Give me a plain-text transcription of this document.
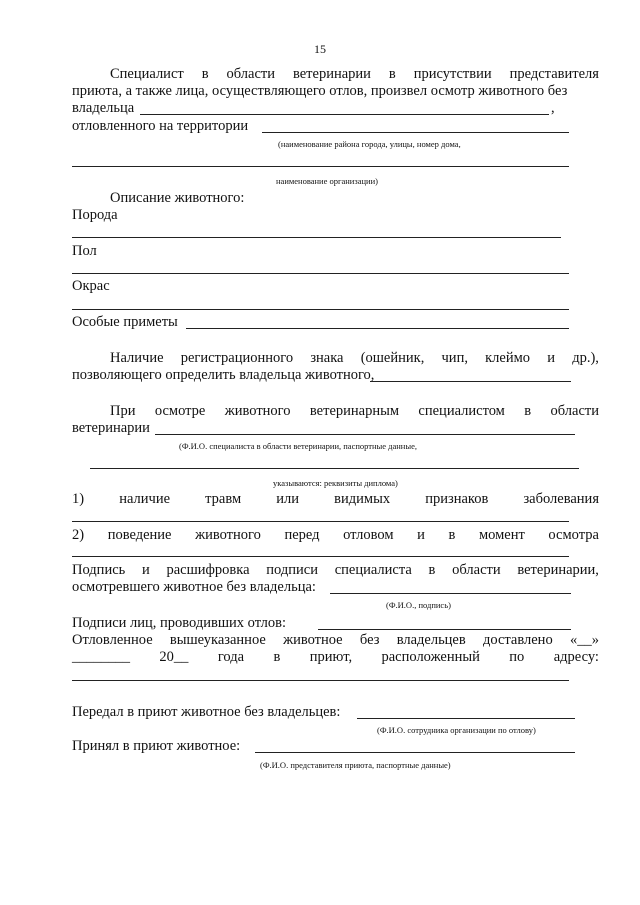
15
Специалист в области ветеринарии в присутствии представителя
приюта, а также лица, осуществляющего отлов, произвел осмотр животного без
владельца	,
отловленного на территории
(наименование района города, улицы, номер дома,
наименование организации)
Описание животного:
Порода
Пол
Окрас
Особые приметы
Наличие регистрационного знака (ошейник, чип, клеймо и др.),
позволяющего определить владельца животного,
При осмотре животного ветеринарным специалистом в области
ветеринарии
(Ф.И.О. специалиста в области ветеринарии, паспортные данные,
указываются: реквизиты диплома)
1) наличие травм или видимых признаков заболевания
2) поведение животного перед отловом и в момент осмотра
Подпись и расшифровка подписи специалиста в области ветеринарии,
осмотревшего животное без владельца:
(Ф.И.О., подпись)
Подписи лиц, проводивших отлов:
Отловленное вышеуказанное животное без владельцев доставлено «__»
________ 20__ года в приют, расположенный по адресу:
Передал в приют животное без владельцев:
(Ф.И.О. сотрудника организации по отлову)
Принял в приют животное:
(Ф.И.О. представителя приюта, паспортные данные)
